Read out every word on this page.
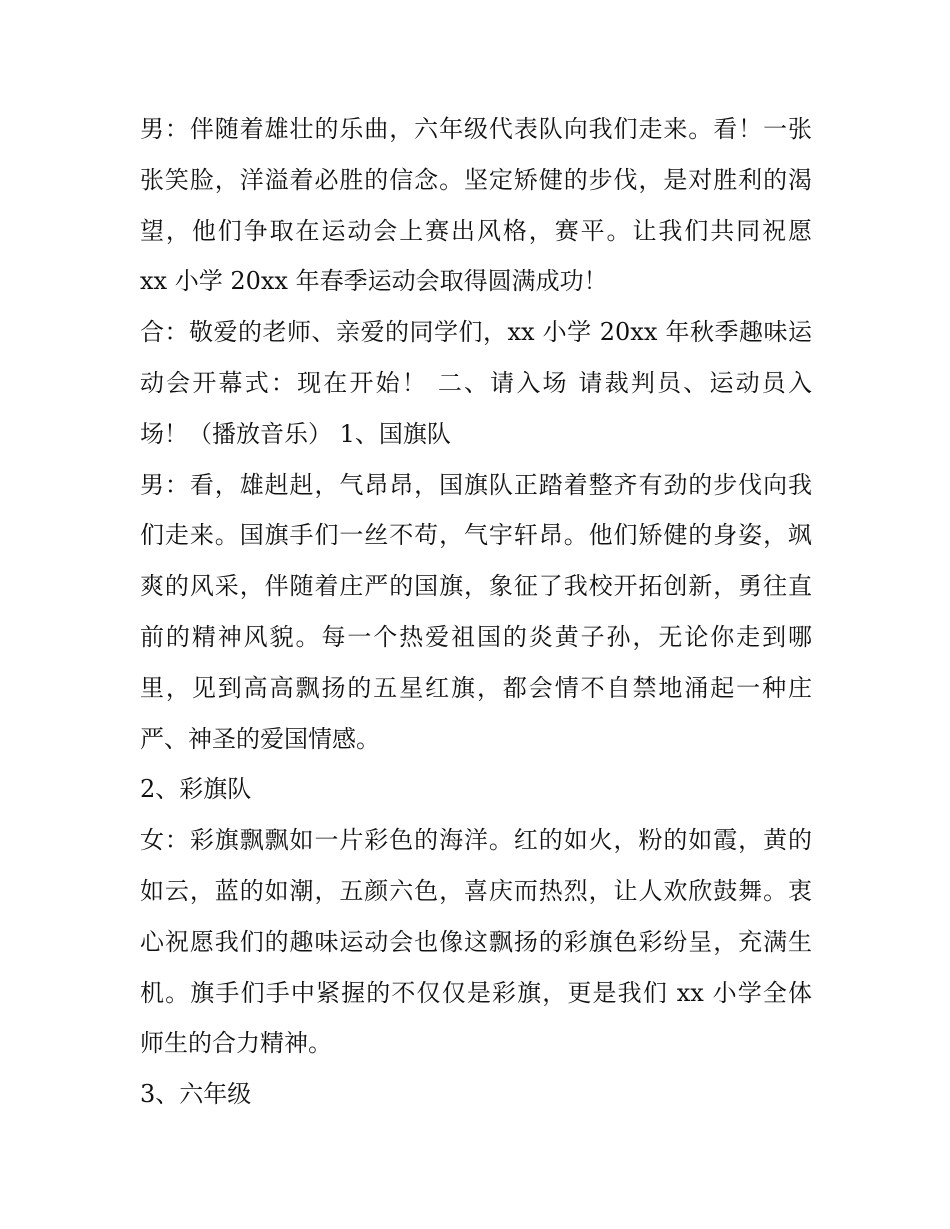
男：伴随着雄壮的乐曲，六年级代表队向我们走来。看！一张
张笑脸，洋溢着必胜的信念。坚定矫健的步伐，是对胜利的渴
望，他们争取在运动会上赛出风格，赛平。让我们共同祝愿
xx 小学 20xx 年春季运动会取得圆满成功！
合：敬爱的老师、亲爱的同学们，xx 小学 20xx 年秋季趣味运
动会开幕式：现在开始！ 二、请入场 请裁判员、运动员入
场！（播放音乐） 1、国旗队
男：看，雄赳赳，气昂昂，国旗队正踏着整齐有劲的步伐向我
们走来。国旗手们一丝不苟，气宇轩昂。他们矫健的身姿，飒
爽的风采，伴随着庄严的国旗，象征了我校开拓创新，勇往直
前的精神风貌。每一个热爱祖国的炎黄子孙，无论你走到哪
里，见到高高飘扬的五星红旗，都会情不自禁地涌起一种庄
严、神圣的爱国情感。
2、彩旗队
女：彩旗飘飘如一片彩色的海洋。红的如火，粉的如霞，黄的
如云，蓝的如潮，五颜六色，喜庆而热烈，让人欢欣鼓舞。衷
心祝愿我们的趣味运动会也像这飘扬的彩旗色彩纷呈，充满生
机。旗手们手中紧握的不仅仅是彩旗，更是我们 xx 小学全体
师生的合力精神。
3、六年级
